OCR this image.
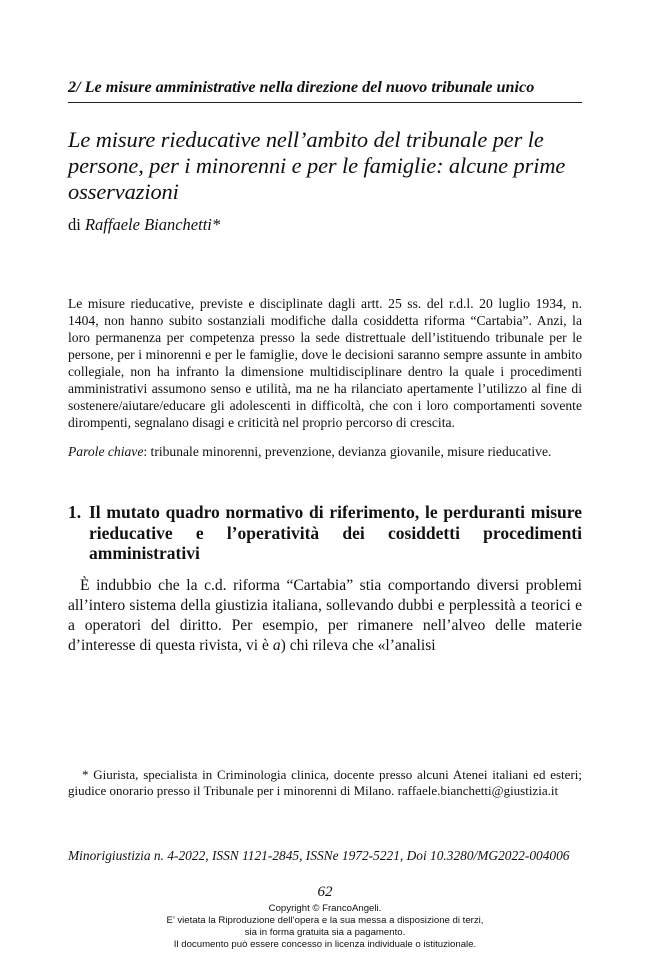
2/ Le misure amministrative nella direzione del nuovo tribunale unico
Le misure rieducative nell’ambito del tribunale per le persone, per i minorenni e per le famiglie: alcune prime osservazioni
di Raffaele Bianchetti*
Le misure rieducative, previste e disciplinate dagli artt. 25 ss. del r.d.l. 20 luglio 1934, n. 1404, non hanno subito sostanziali modifiche dalla cosiddetta riforma “Cartabia”. Anzi, la loro permanenza per competenza presso la sede distrettuale dell’istituendo tribunale per le persone, per i minorenni e per le famiglie, dove le decisioni saranno sempre assunte in ambito collegiale, non ha infranto la dimensione multidisciplinare dentro la quale i procedimenti amministrativi assumono senso e utilità, ma ne ha rilanciato apertamente l’utilizzo al fine di sostenere/aiutare/educare gli adolescenti in difficoltà, che con i loro comportamenti sovente dirompenti, segnalano disagi e criticità nel proprio percorso di crescita.
Parole chiave: tribunale minorenni, prevenzione, devianza giovanile, misure rieducative.
1. Il mutato quadro normativo di riferimento, le perduranti misure rieducative e l’operatività dei cosiddetti procedimenti amministrativi
È indubbio che la c.d. riforma “Cartabia” stia comportando diversi problemi all’intero sistema della giustizia italiana, sollevando dubbi e perplessità a teorici e a operatori del diritto. Per esempio, per rimanere nell’alveo delle materie d’interesse di questa rivista, vi è a) chi rileva che «l’analisi
* Giurista, specialista in Criminologia clinica, docente presso alcuni Atenei italiani ed esteri; giudice onorario presso il Tribunale per i minorenni di Milano. raffaele.bianchetti@giustizia.it
Minorigiustizia n. 4-2022, ISSN 1121-2845, ISSNe 1972-5221, Doi 10.3280/MG2022-004006
62
Copyright © FrancoAngeli.
E’ vietata la Riproduzione dell’opera e la sua messa a disposizione di terzi,
sia in forma gratuita sia a pagamento.
Il documento può essere concesso in licenza individuale o istituzionale.
